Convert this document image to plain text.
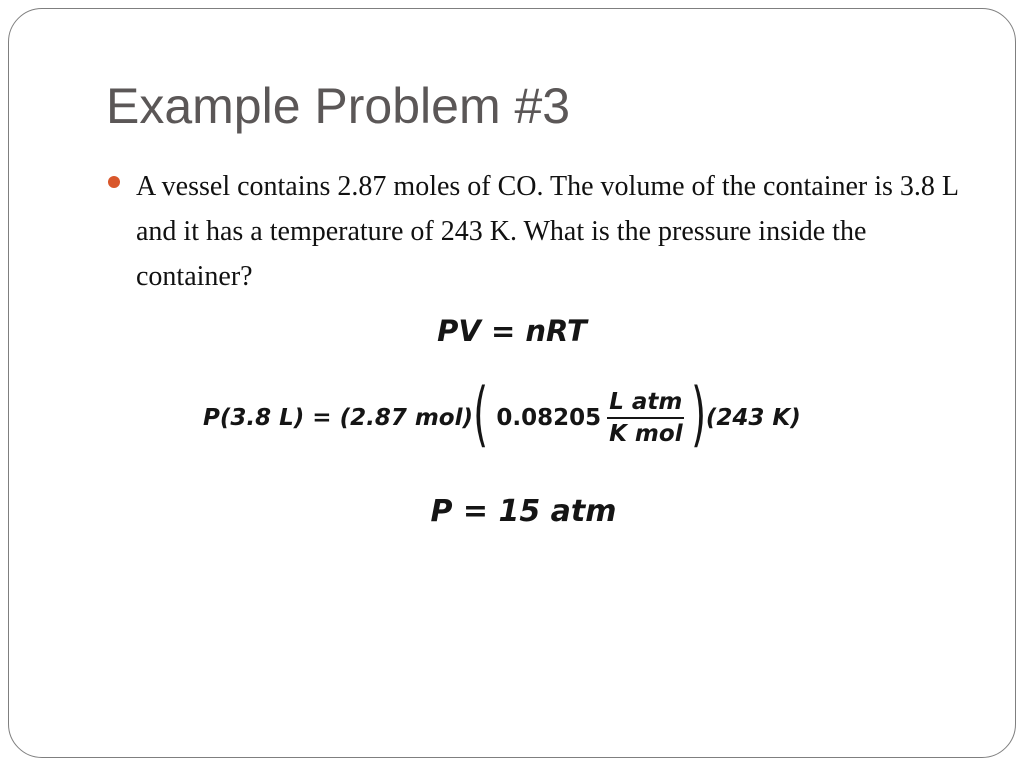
Example Problem #3

A vessel contains 2.87 moles of CO. The volume of the container is 3.8 L and it has a temperature of 243 K. What is the pressure inside the container?

PV = nRT
P(3.8 L) = (2.87 mol) ( $0.08205 \frac{\text{L atm}}{\text{K mol}}$ ) (243 K)
P = 15 atm
